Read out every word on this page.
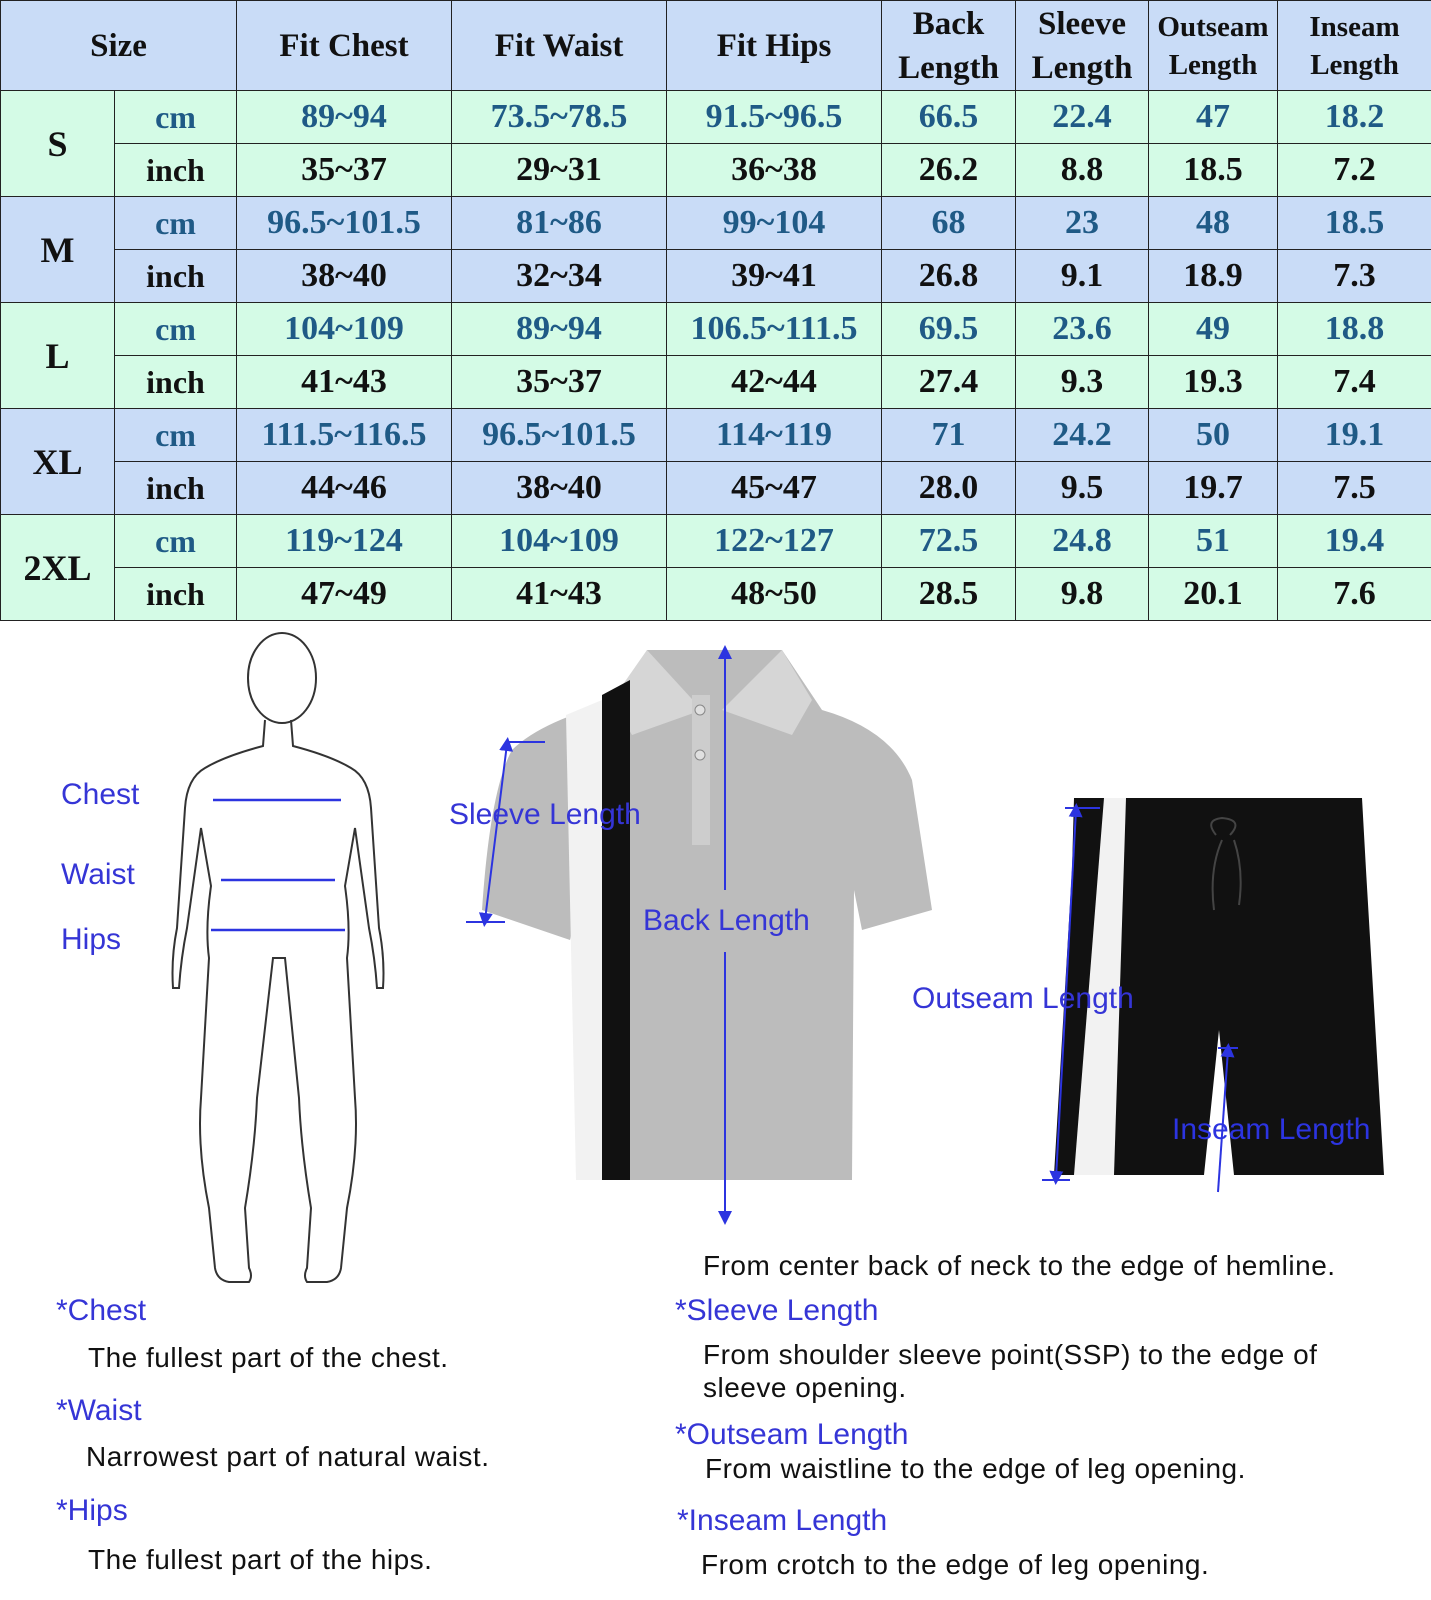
Size		Fit Chest	Fit Waist	Fit Hips	Back Length	Sleeve Length	Outseam Length	Inseam Length
S	cm	89~94	73.5~78.5	91.5~96.5	66.5	22.4	47	18.2
	inch	35~37	29~31	36~38	26.2	8.8	18.5	7.2
M	cm	96.5~101.5	81~86	99~104	68	23	48	18.5
	inch	38~40	32~34	39~41	26.8	9.1	18.9	7.3
L	cm	104~109	89~94	106.5~111.5	69.5	23.6	49	18.8
	inch	41~43	35~37	42~44	27.4	9.3	19.3	7.4
XL	cm	111.5~116.5	96.5~101.5	114~119	71	24.2	50	19.1
	inch	44~46	38~40	45~47	28.0	9.5	19.7	7.5
2XL	cm	119~124	104~109	122~127	72.5	24.8	51	19.4
	inch	47~49	41~43	48~50	28.5	9.8	20.1	7.6
Chest
Waist
Hips
Sleeve Length
Back Length
Outseam Length
Inseam Length
*Chest
The fullest part of the chest.
*Waist
Narrowest part of natural waist.
*Hips
The fullest part of the hips.
From center back of neck to the edge of hemline.
*Sleeve Length
From shoulder sleeve point(SSP) to the edge of sleeve opening.
*Outseam Length
From waistline to the edge of leg opening.
*Inseam Length
From crotch to the edge of leg opening.
